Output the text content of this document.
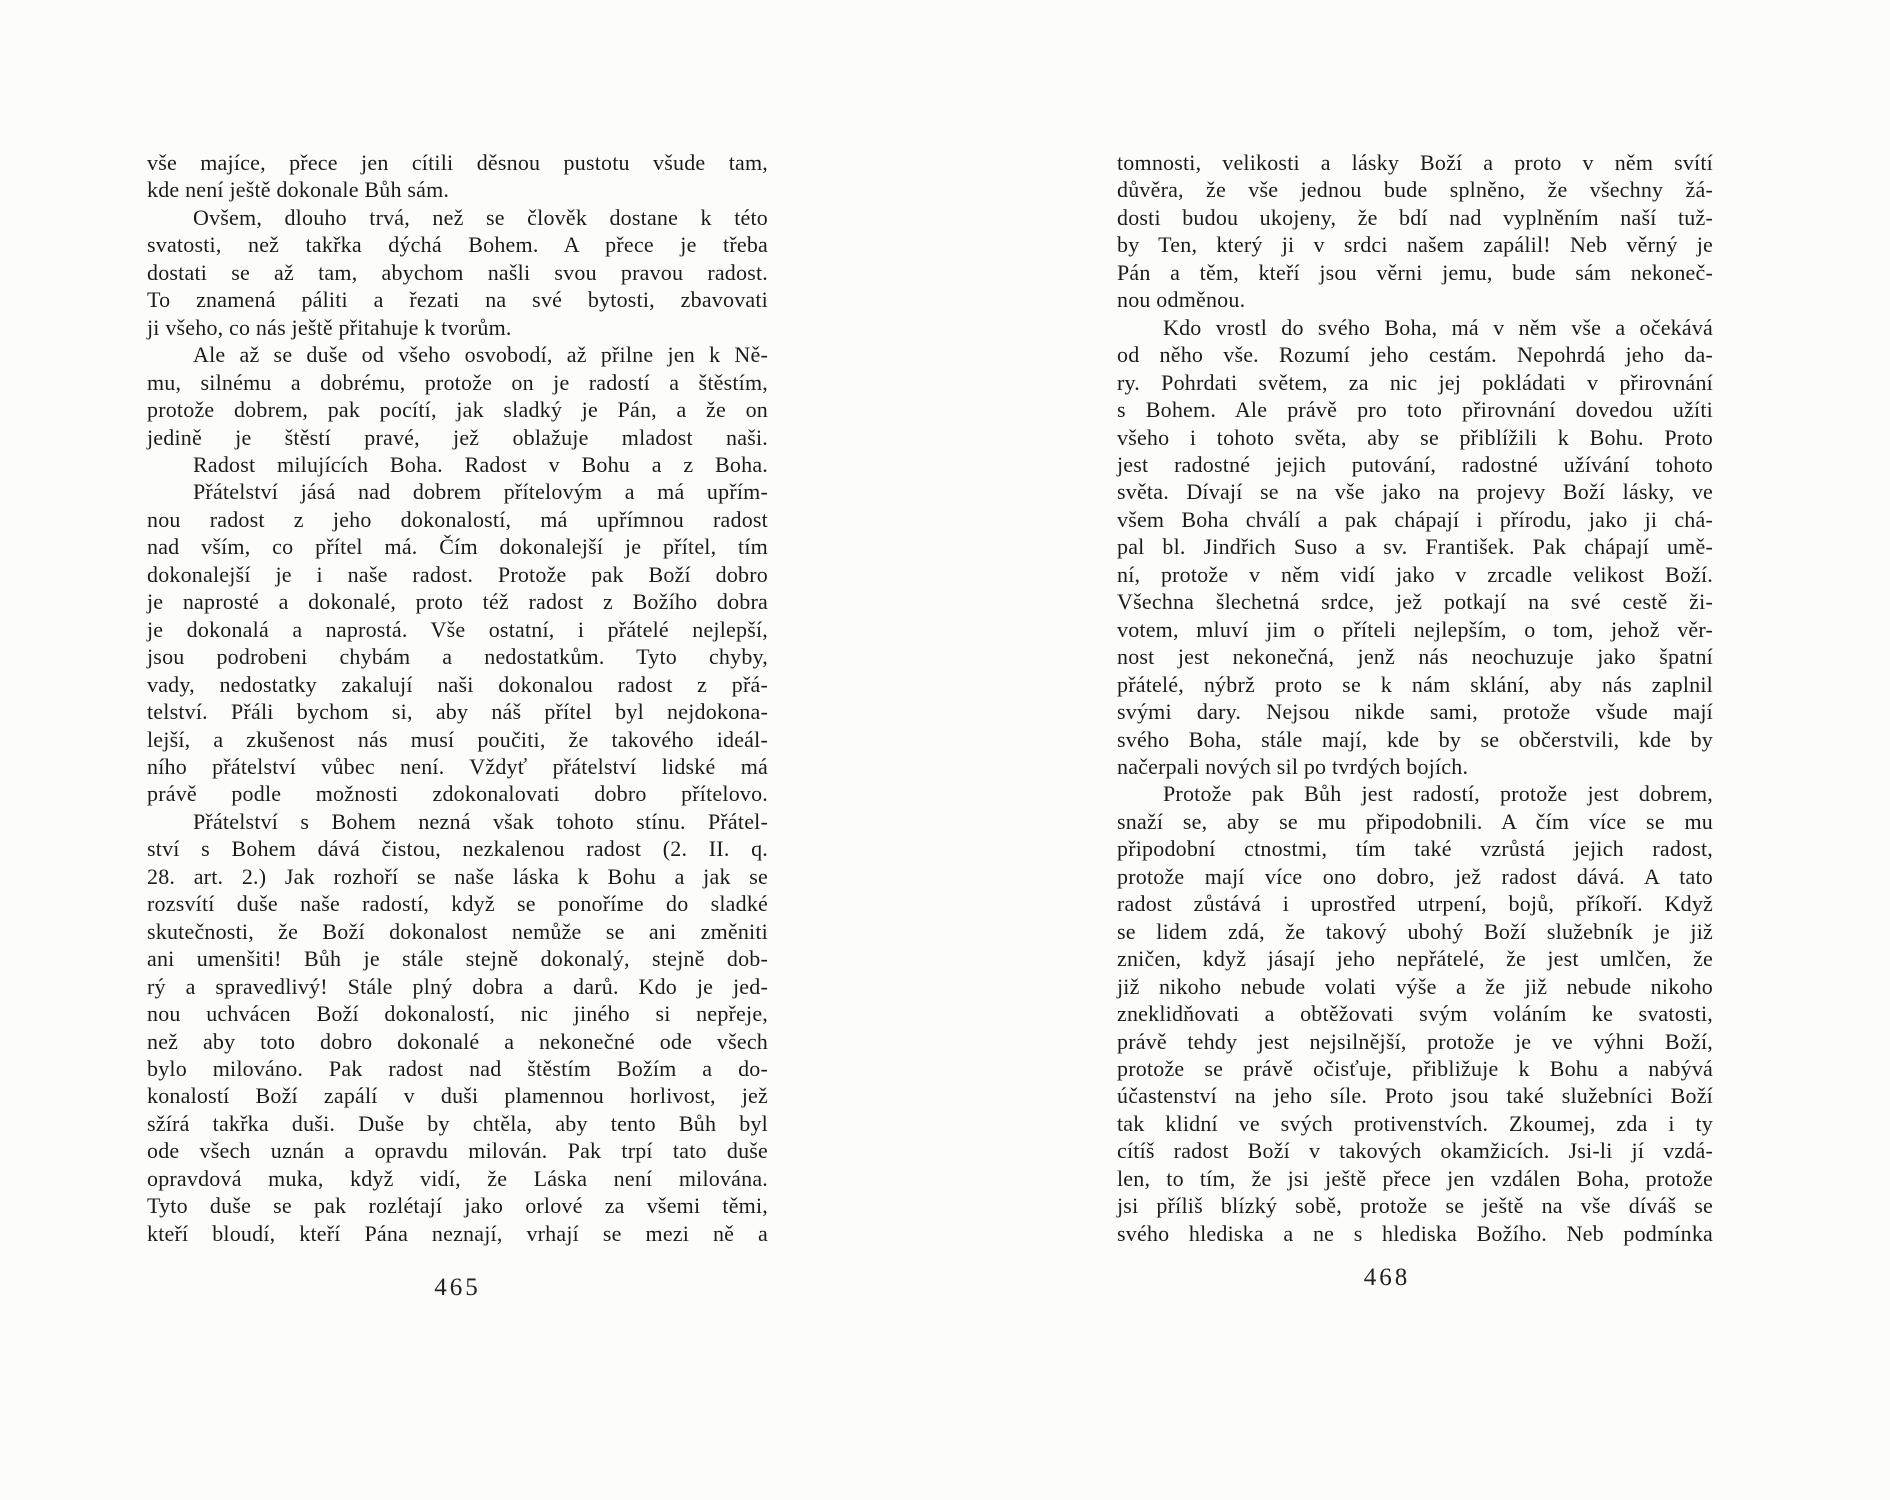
vše majíce, přece jen cítili děsnou pustotu všude tam,
kde není ještě dokonale Bůh sám.
Ovšem, dlouho trvá, než se člověk dostane k této
svatosti, než takřka dýchá Bohem. A přece je třeba
dostati se až tam, abychom našli svou pravou radost.
To znamená páliti a řezati na své bytosti, zbavovati
ji všeho, co nás ještě přitahuje k tvorům.
Ale až se duše od všeho osvobodí, až přilne jen k Ně-
mu, silnému a dobrému, protože on je radostí a štěstím,
protože dobrem, pak pocítí, jak sladký je Pán, a že on
jedině je štěstí pravé, jež oblažuje mladost naši.
Radost milujících Boha. Radost v Bohu a z Boha.
Přátelství jásá nad dobrem přítelovým a má upřím-
nou radost z jeho dokonalostí, má upřímnou radost
nad vším, co přítel má. Čím dokonalejší je přítel, tím
dokonalejší je i naše radost. Protože pak Boží dobro
je naprosté a dokonalé, proto též radost z Božího dobra
je dokonalá a naprostá. Vše ostatní, i přátelé nejlepší,
jsou podrobeni chybám a nedostatkům. Tyto chyby,
vady, nedostatky zakalují naši dokonalou radost z přá-
telství. Přáli bychom si, aby náš přítel byl nejdokona-
lejší, a zkušenost nás musí poučiti, že takového ideál-
ního přátelství vůbec není. Vždyť přátelství lidské má
právě podle možnosti zdokonalovati dobro přítelovo.
Přátelství s Bohem nezná však tohoto stínu. Přátel-
ství s Bohem dává čistou, nezkalenou radost (2. II. q.
28. art. 2.) Jak rozhoří se naše láska k Bohu a jak se
rozsvítí duše naše radostí, když se ponoříme do sladké
skutečnosti, že Boží dokonalost nemůže se ani změniti
ani umenšiti! Bůh je stále stejně dokonalý, stejně dob-
rý a spravedlivý! Stále plný dobra a darů. Kdo je jed-
nou uchvácen Boží dokonalostí, nic jiného si nepřeje,
než aby toto dobro dokonalé a nekonečné ode všech
bylo milováno. Pak radost nad štěstím Božím a do-
konalostí Boží zapálí v duši plamennou horlivost, jež
sžírá takřka duši. Duše by chtěla, aby tento Bůh byl
ode všech uznán a opravdu milován. Pak trpí tato duše
opravdová muka, když vidí, že Láska není milována.
Tyto duše se pak rozlétají jako orlové za všemi těmi,
kteří bloudí, kteří Pána neznají, vrhají se mezi ně a
465
tomnosti, velikosti a lásky Boží a proto v něm svítí
důvěra, že vše jednou bude splněno, že všechny žá-
dosti budou ukojeny, že bdí nad vyplněním naší tuž-
by Ten, který ji v srdci našem zapálil! Neb věrný je
Pán a těm, kteří jsou věrni jemu, bude sám nekoneč-
nou odměnou.
Kdo vrostl do svého Boha, má v něm vše a očekává
od něho vše. Rozumí jeho cestám. Nepohrdá jeho da-
ry. Pohrdati světem, za nic jej pokládati v přirovnání
s Bohem. Ale právě pro toto přirovnání dovedou užíti
všeho i tohoto světa, aby se přiblížili k Bohu. Proto
jest radostné jejich putování, radostné užívání tohoto
světa. Dívají se na vše jako na projevy Boží lásky, ve
všem Boha chválí a pak chápají i přírodu, jako ji chá-
pal bl. Jindřich Suso a sv. František. Pak chápají umě-
ní, protože v něm vidí jako v zrcadle velikost Boží.
Všechna šlechetná srdce, jež potkají na své cestě ži-
votem, mluví jim o příteli nejlepším, o tom, jehož věr-
nost jest nekonečná, jenž nás neochuzuje jako špatní
přátelé, nýbrž proto se k nám sklání, aby nás zaplnil
svými dary. Nejsou nikde sami, protože všude mají
svého Boha, stále mají, kde by se občerstvili, kde by
načerpali nových sil po tvrdých bojích.
Protože pak Bůh jest radostí, protože jest dobrem,
snaží se, aby se mu připodobnili. A čím více se mu
připodobní ctnostmi, tím také vzrůstá jejich radost,
protože mají více ono dobro, jež radost dává. A tato
radost zůstává i uprostřed utrpení, bojů, příkoří. Když
se lidem zdá, že takový ubohý Boží služebník je již
zničen, když jásají jeho nepřátelé, že jest umlčen, že
již nikoho nebude volati výše a že již nebude nikoho
zneklidňovati a obtěžovati svým voláním ke svatosti,
právě tehdy jest nejsilnější, protože je ve výhni Boží,
protože se právě očisťuje, přibližuje k Bohu a nabývá
účastenství na jeho síle. Proto jsou také služebníci Boží
tak klidní ve svých protivenstvích. Zkoumej, zda i ty
cítíš radost Boží v takových okamžicích. Jsi-li jí vzdá-
len, to tím, že jsi ještě přece jen vzdálen Boha, protože
jsi příliš blízký sobě, protože se ještě na vše díváš se
svého hlediska a ne s hlediska Božího. Neb podmínka
468
